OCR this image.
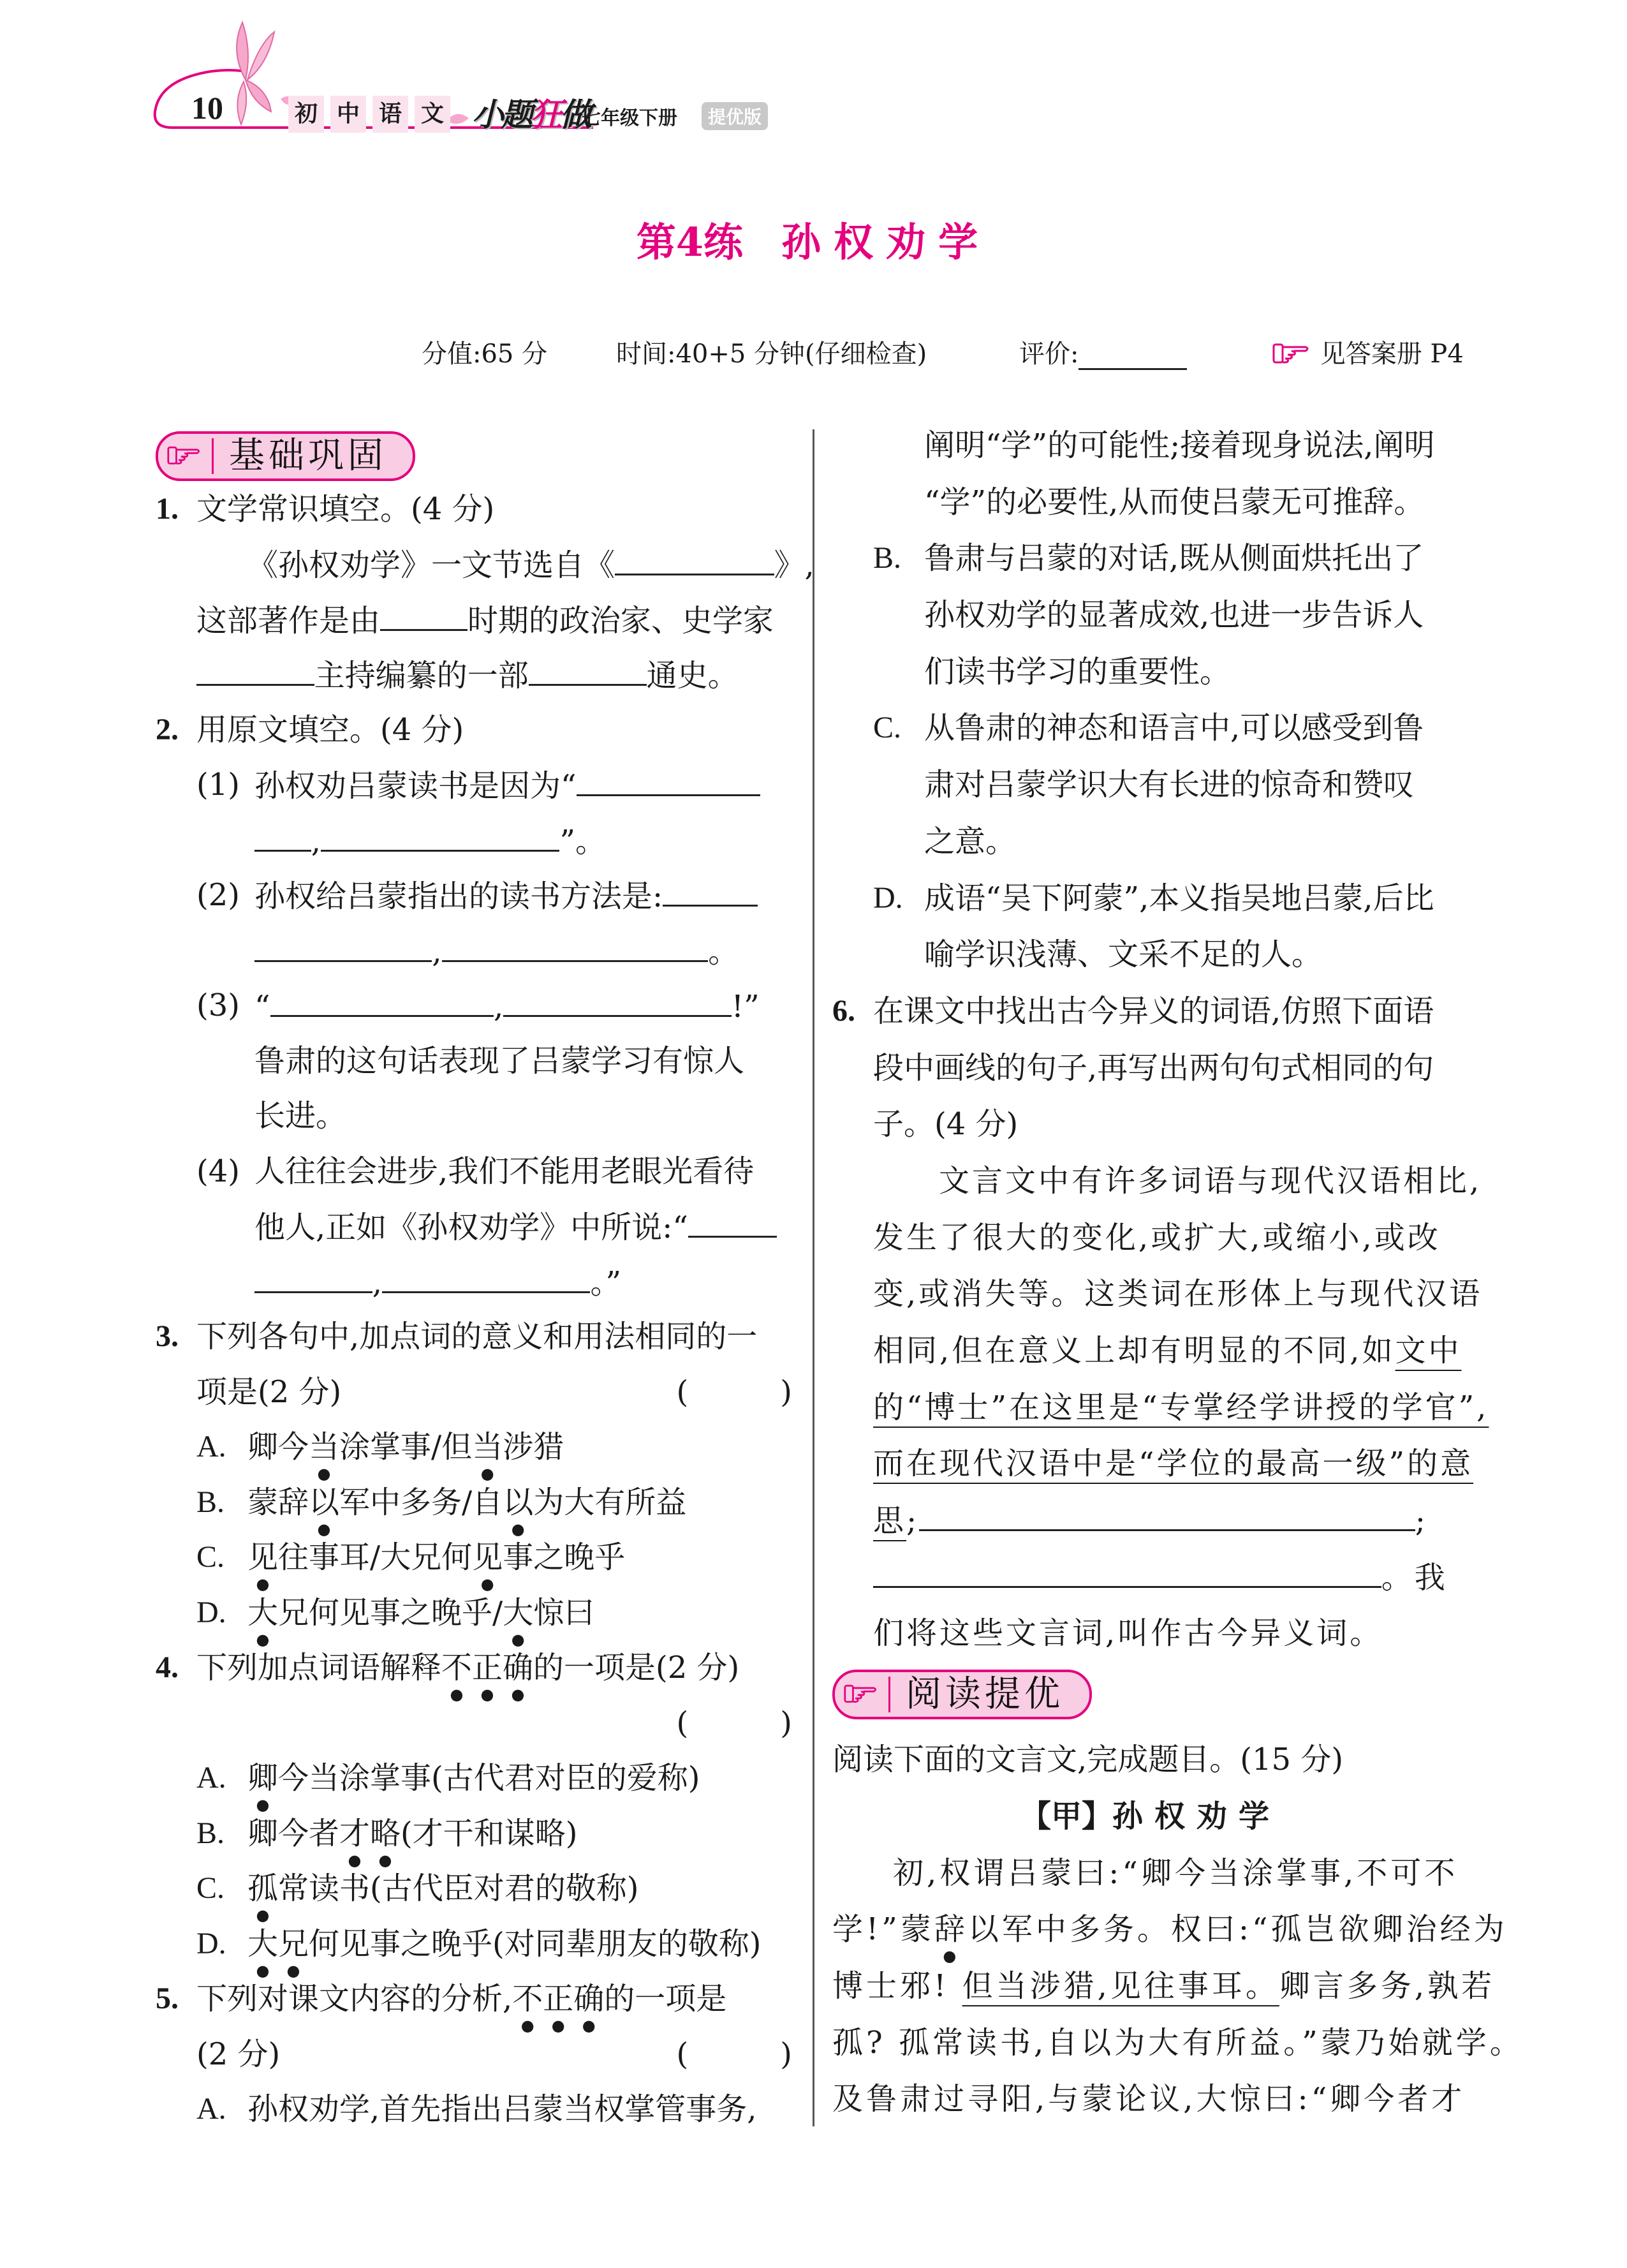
10	初 中 语 文 小题狂做
七年级下册	提优版
第4练 孙权劝学
分值:65 分	时间:40+5 分钟(仔细检查)	评价:	见答案册 P4
基础巩固
1. 文学常识填空。(4 分)
《孙权劝学》一文节选自《	》,
这部著作是由	时期的政治家、史学家
主持编纂的一部	通史。
2. 用原文填空。(4 分)
(1) 孙权劝吕蒙读书是因为“
,	”。
(2) 孙权给吕蒙指出的读书方法是:
,	。
(3) “	,	!”
鲁肃的这句话表现了吕蒙学习有惊人
长进。
(4) 人往往会进步,我们不能用老眼光看待
他人,正如《孙权劝学》中所说:“
,	。”
3. 下列各句中,加点词的意义和用法相同的一
项是(2 分)	(　　　)
A. 卿今当涂掌事/但当涉猎
B. 蒙辞以军中多务/自以为大有所益
C. 见往事耳/大兄何见事之晚乎
D. 大兄何见事之晚乎/大惊曰
4. 下列加点词语解释不正确的一项是(2 分)
(　　　)
A. 卿今当涂掌事(古代君对臣的爱称)
B. 卿今者才略(才干和谋略)
C. 孤常读书(古代臣对君的敬称)
D. 大兄何见事之晚乎(对同辈朋友的敬称)
5. 下列对课文内容的分析,不正确的一项是
(2 分)	(　　　)
A. 孙权劝学,首先指出吕蒙当权掌管事务,
阐明“学”的可能性;接着现身说法,阐明
“学”的必要性,从而使吕蒙无可推辞。
B. 鲁肃与吕蒙的对话,既从侧面烘托出了
孙权劝学的显著成效,也进一步告诉人
们读书学习的重要性。
C. 从鲁肃的神态和语言中,可以感受到鲁
肃对吕蒙学识大有长进的惊奇和赞叹
之意。
D. 成语“吴下阿蒙”,本义指吴地吕蒙,后比
喻学识浅薄、文采不足的人。
6. 在课文中找出古今异义的词语,仿照下面语
段中画线的句子,再写出两句句式相同的句
子。(4 分)
文言文中有许多词语与现代汉语相比,
发生了很大的变化,或扩大,或缩小,或改
变,或消失等。这类词在形体上与现代汉语
相同,但在意义上却有明显的不同,如文中
的“博士”在这里是“专掌经学讲授的学官”,
而在现代汉语中是“学位的最高一级”的意
思;	;
。我
们将这些文言词,叫作古今异义词。
阅读提优
阅读下面的文言文,完成题目。(15 分)
【甲】孙权劝学
初,权谓吕蒙曰:“卿今当涂掌事,不可不
学!”蒙辞以军中多务。权曰:“孤岂欲卿治经为
博士邪! 但当涉猎,见往事耳。卿言多务,孰若
孤? 孤常读书,自以为大有所益。”蒙乃始就学。
及鲁肃过寻阳,与蒙论议,大惊曰:“卿今者才
